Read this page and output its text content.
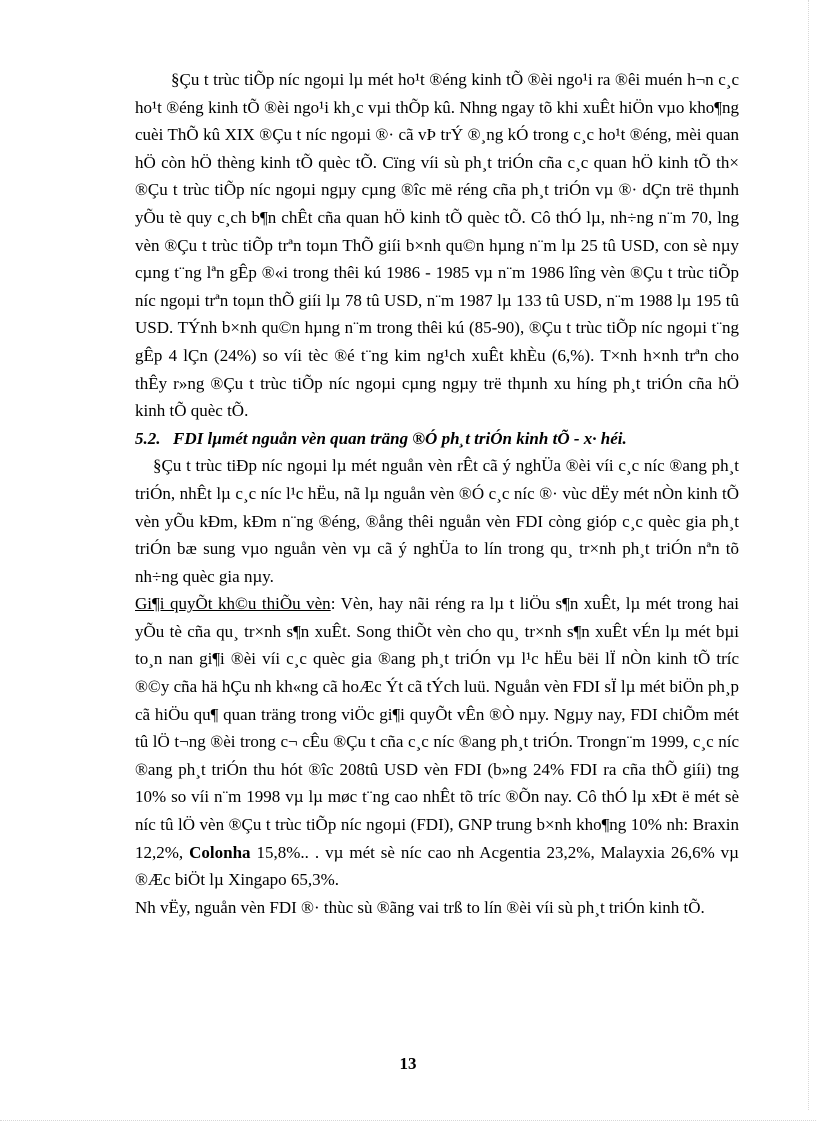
§Çu t trùc tiÕp níc ngoµi lµ mét ho¹t ®éng kinh tÕ ®èi ngo¹i ra ®êi muén h¬n c¸c ho¹t ®éng kinh tÕ ®èi ngo¹i kh¸c vµi thÕp kû. Nhng ngay tõ khi xuÊt hiÖn vµo kho¶ng cuèi ThÕ kû XIX ®Çu t níc ngoµi ®· cã vÞ trÝ ®¸ng kÓ trong c¸c ho¹t ®éng, mèi quan hÖ còn hÖ thèng kinh tÕ quèc tÕ. Cïng víi sù ph¸t triÓn cña c¸c quan hÖ kinh tÕ th× ®Çu t trùc tiÕp níc ngoµi ngµy cµng ®îc më réng cña ph¸t triÓn vµ ®· dÇn trë thµnh yÕu tè quy c¸ch b¶n chÊt cña quan hÖ kinh tÕ quèc tÕ. Cô thÓ lµ, nh÷ng n¨m 70, lng vèn ®Çu t trùc tiÕp trªn toµn ThÕ giíi b×nh qu©n hµng n¨m lµ 25 tû USD, con sè nµy cµng t¨ng lªn gÊp ®«i trong thêi kú 1986 - 1985 vµ n¨m 1986 lîng vèn ®Çu t trùc tiÕp níc ngoµi trªn toµn thÕ giíi lµ 78 tû USD, n¨m 1987 lµ 133 tû USD, n¨m 1988 lµ 195 tû USD. TÝnh b×nh qu©n hµng n¨m trong thêi kú (85-90), ®Çu t trùc tiÕp níc ngoµi t¨ng gÊp 4 lÇn (24%) so víi tèc ®é t¨ng kim ng¹ch xuÊt khÈu (6,%). T×nh h×nh trªn cho thÊy r»ng ®Çu t trùc tiÕp níc ngoµi cµng ngµy trë thµnh xu híng ph¸t triÓn cña hÖ kinh tÕ quèc tÕ.

5.2. FDI lµmét nguån vèn quan träng ®Ó ph¸t triÓn kinh tÕ - x· héi.

§Çu t trùc tiÐp níc ngoµi lµ mét nguån vèn rÊt cã ý nghÜa ®èi víi c¸c níc ®ang ph¸t triÓn, nhÊt lµ c¸c níc l¹c hËu, nã lµ nguån vèn ®Ó c¸c níc ®· vùc dËy mét nÒn kinh tÕ vèn yÕu kÐm, kÐm n¨ng ®éng, ®ång thêi nguån vèn FDI còng gióp c¸c quèc gia ph¸t triÓn bæ sung vµo nguån vèn vµ cã ý nghÜa to lín trong qu¸ tr×nh ph¸t triÓn nªn tõ nh÷ng quèc gia nµy.

Gi¶i quyÕt kh©u thiÕu vèn: Vèn, hay nãi réng ra lµ t liÖu s¶n xuÊt, lµ mét trong hai yÕu tè cña qu¸ tr×nh s¶n xuÊt. Song thiÕt vèn cho qu¸ tr×nh s¶n xuÊt vÉn lµ mét bµi to¸n nan gi¶i ®èi víi c¸c quèc gia ®ang ph¸t triÓn vµ l¹c hËu bëi lÏ nÒn kinh tÕ tríc ®©y cña hä hÇu nh kh«ng cã hoÆc Ýt cã tÝch luü. Nguån vèn FDI sÏ lµ mét biÖn ph¸p cã hiÖu qu¶ quan träng trong viÖc gi¶i quyÕt vÊn ®Ò nµy. Ngµy nay, FDI chiÕm mét tû lÖ t¬ng ®èi trong c¬ cÊu ®Çu t cña c¸c níc ®ang ph¸t triÓn. Trongn¨m 1999, c¸c níc ®ang ph¸t triÓn thu hót ®îc 208tû USD vèn FDI (b»ng 24% FDI ra cña thÕ giíi) tng 10% so víi n¨m 1998 vµ lµ møc t¨ng cao nhÊt tõ tríc ®Õn nay. Cô thÓ lµ xÐt ë mét sè níc tû lÖ vèn ®Çu t trùc tiÕp níc ngoµi (FDI), GNP trung b×nh kho¶ng 10% nh: Braxin 12,2%, Colonha 15,8%.. . vµ mét sè níc cao nh Acgentia 23,2%, Malayxia 26,6% vµ ®Æc biÖt lµ Xingapo 65,3%.

Nh vËy, nguån vèn FDI ®· thùc sù ®ãng vai trß to lín ®èi víi sù ph¸t triÓn kinh tÕ.

13
